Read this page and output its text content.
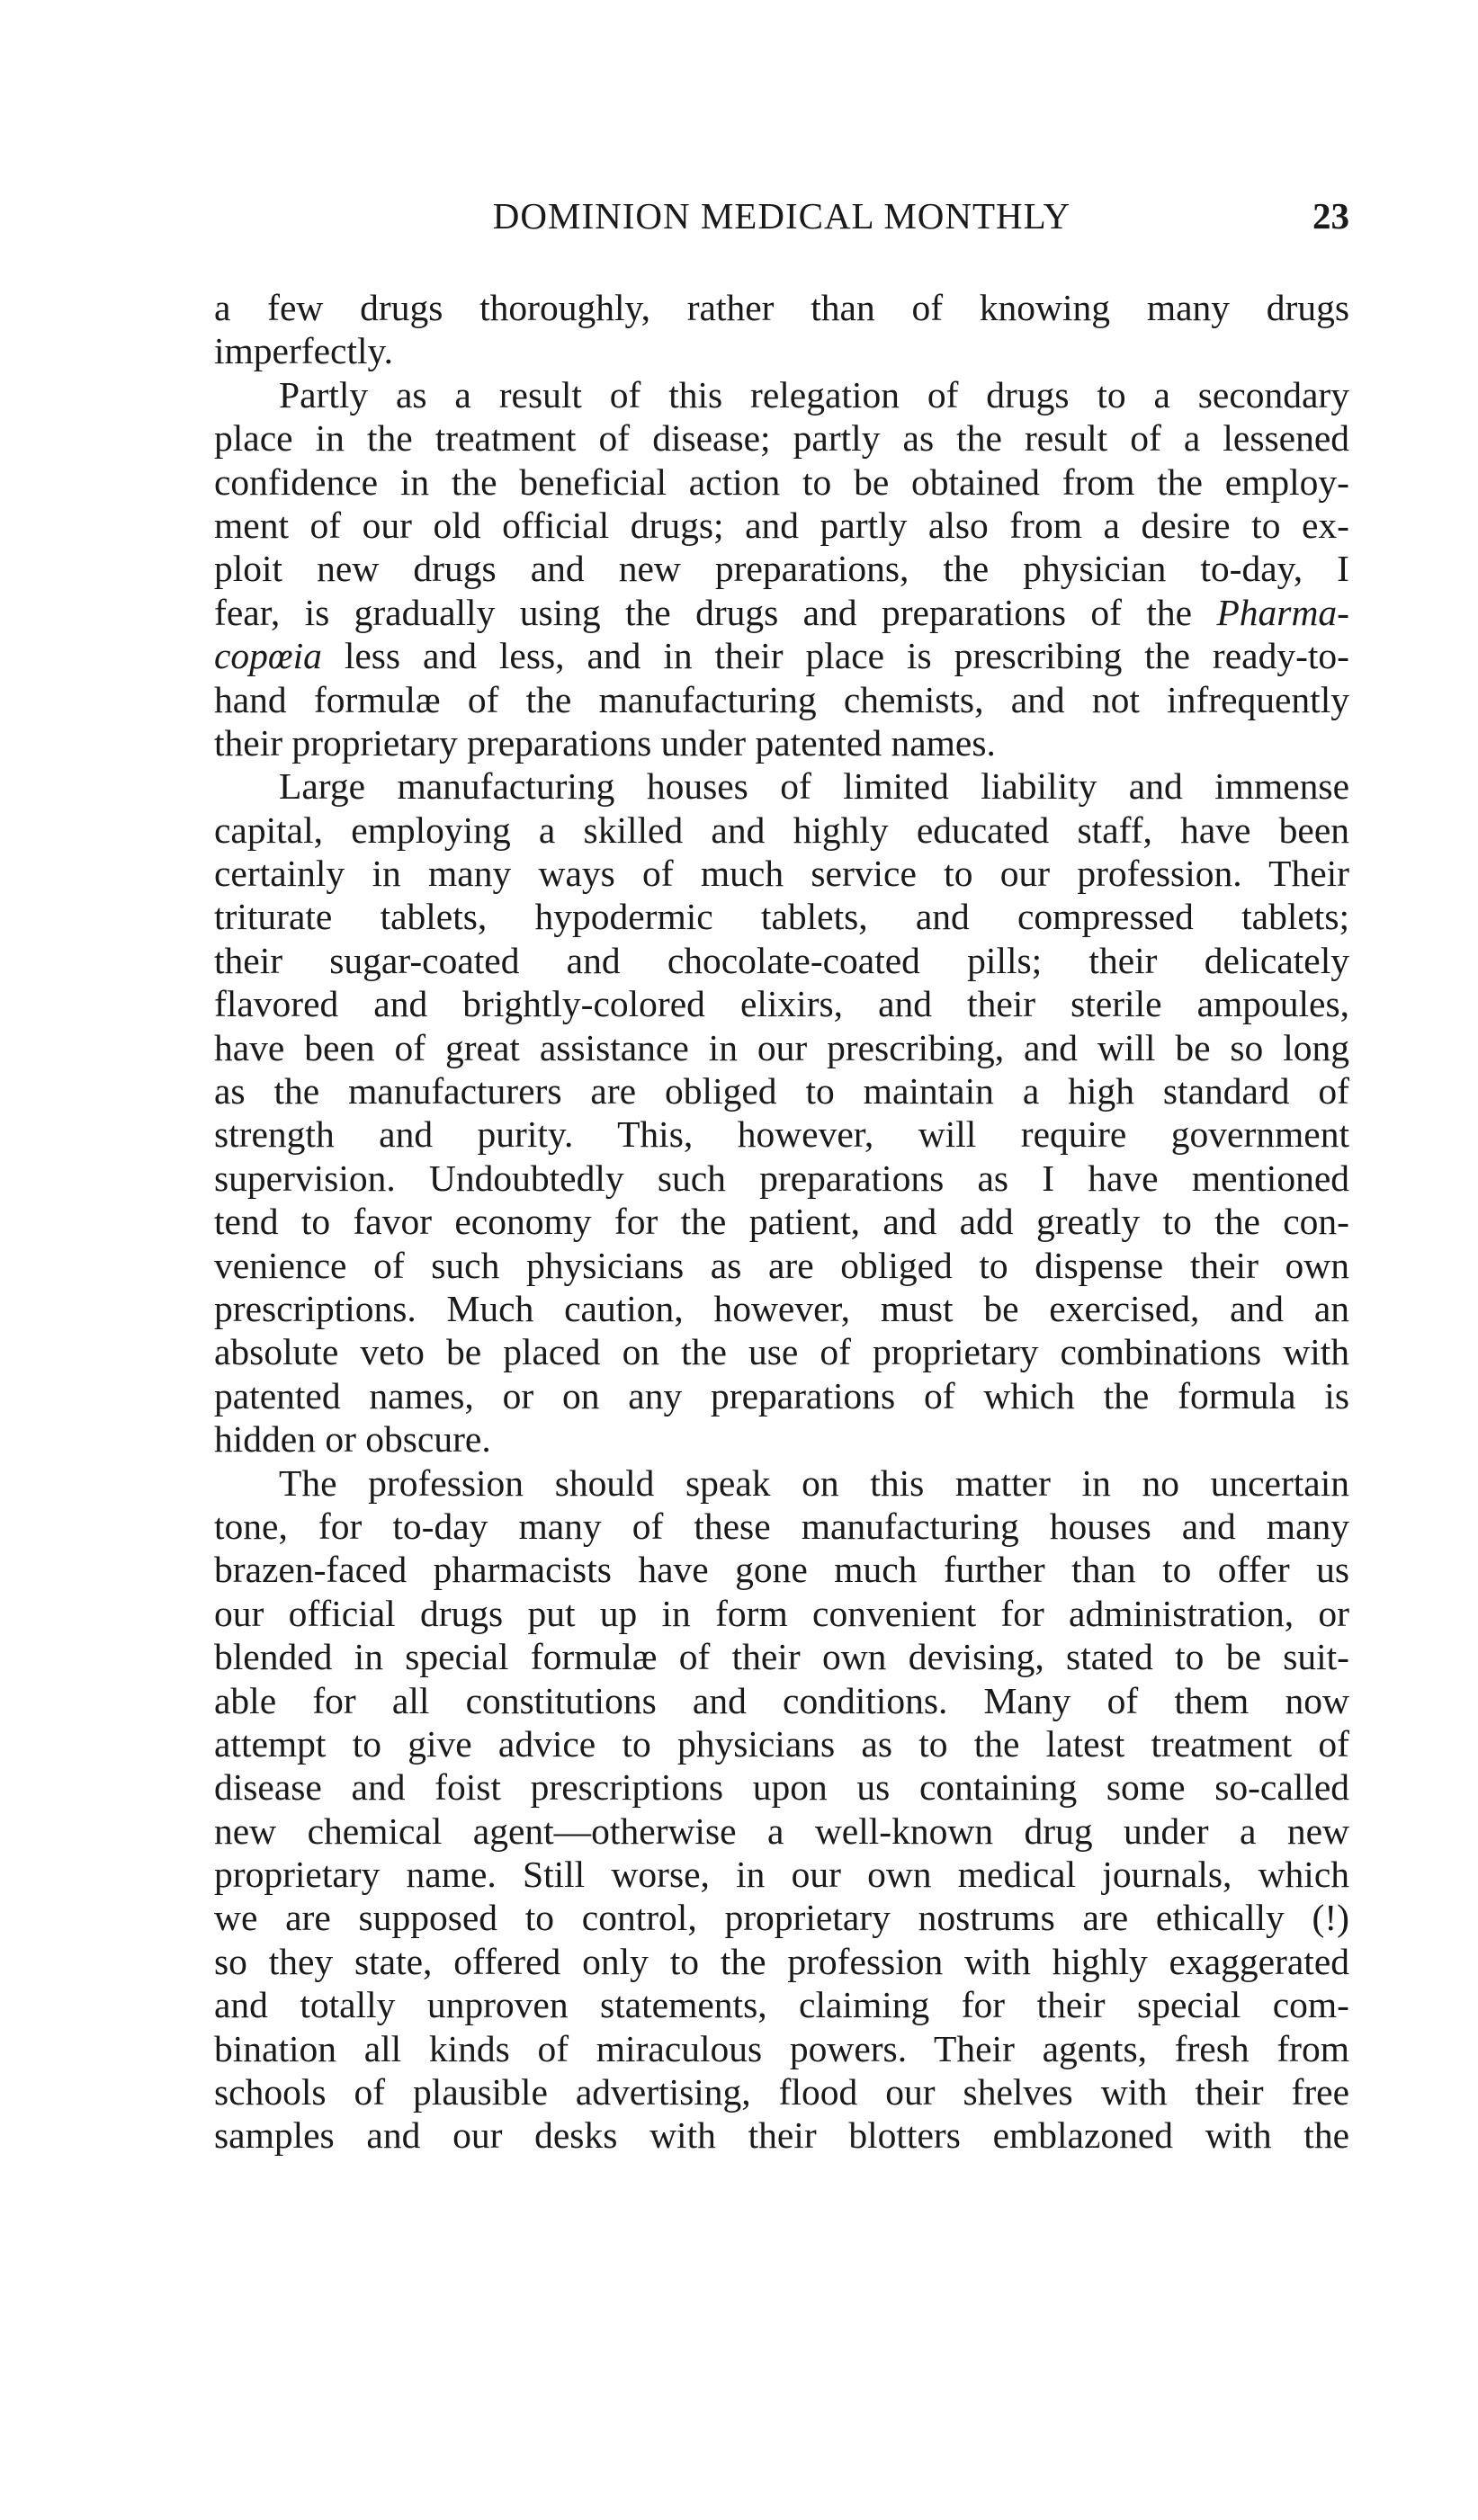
DOMINION MEDICAL MONTHLY	23
a few drugs thoroughly, rather than of knowing many drugs
imperfectly.
Partly as a result of this relegation of drugs to a secondary
place in the treatment of disease; partly as the result of a lessened
confidence in the beneficial action to be obtained from the employ-
ment of our old official drugs; and partly also from a desire to ex-
ploit new drugs and new preparations, the physician to-day, I
fear, is gradually using the drugs and preparations of the Pharma-
copœia less and less, and in their place is prescribing the ready-to-
hand formulæ of the manufacturing chemists, and not infrequently
their proprietary preparations under patented names.
Large manufacturing houses of limited liability and immense
capital, employing a skilled and highly educated staff, have been
certainly in many ways of much service to our profession. Their
triturate tablets, hypodermic tablets, and compressed tablets;
their sugar-coated and chocolate-coated pills; their delicately
flavored and brightly-colored elixirs, and their sterile ampoules,
have been of great assistance in our prescribing, and will be so long
as the manufacturers are obliged to maintain a high standard of
strength and purity. This, however, will require government
supervision. Undoubtedly such preparations as I have mentioned
tend to favor economy for the patient, and add greatly to the con-
venience of such physicians as are obliged to dispense their own
prescriptions. Much caution, however, must be exercised, and an
absolute veto be placed on the use of proprietary combinations with
patented names, or on any preparations of which the formula is
hidden or obscure.
The profession should speak on this matter in no uncertain
tone, for to-day many of these manufacturing houses and many
brazen-faced pharmacists have gone much further than to offer us
our official drugs put up in form convenient for administration, or
blended in special formulæ of their own devising, stated to be suit-
able for all constitutions and conditions. Many of them now
attempt to give advice to physicians as to the latest treatment of
disease and foist prescriptions upon us containing some so-called
new chemical agent—otherwise a well-known drug under a new
proprietary name. Still worse, in our own medical journals, which
we are supposed to control, proprietary nostrums are ethically (!)
so they state, offered only to the profession with highly exaggerated
and totally unproven statements, claiming for their special com-
bination all kinds of miraculous powers. Their agents, fresh from
schools of plausible advertising, flood our shelves with their free
samples and our desks with their blotters emblazoned with the
